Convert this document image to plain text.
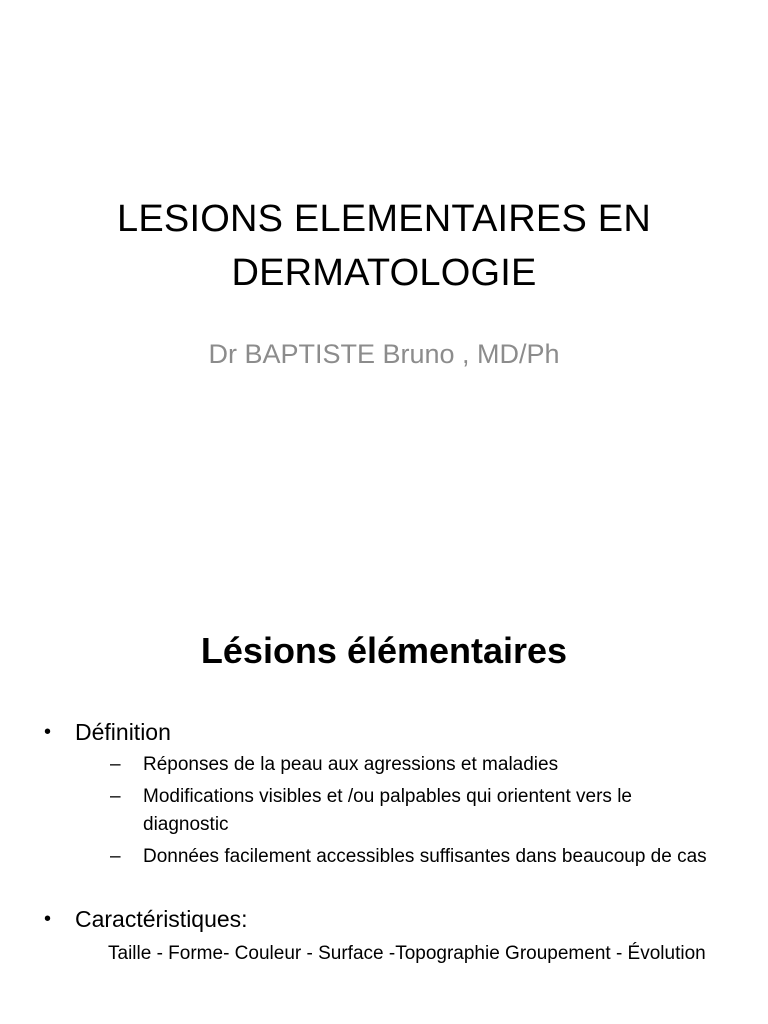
LESIONS ELEMENTAIRES EN
DERMATOLOGIE
Dr BAPTISTE Bruno , MD/Ph
Lésions élémentaires
• Définition
– Réponses de la peau aux agressions et maladies
– Modifications visibles et /ou palpables qui orientent vers le diagnostic
– Données facilement accessibles suffisantes dans beaucoup de cas
• Caractéristiques:
Taille - Forme- Couleur - Surface -Topographie Groupement - Évolution
